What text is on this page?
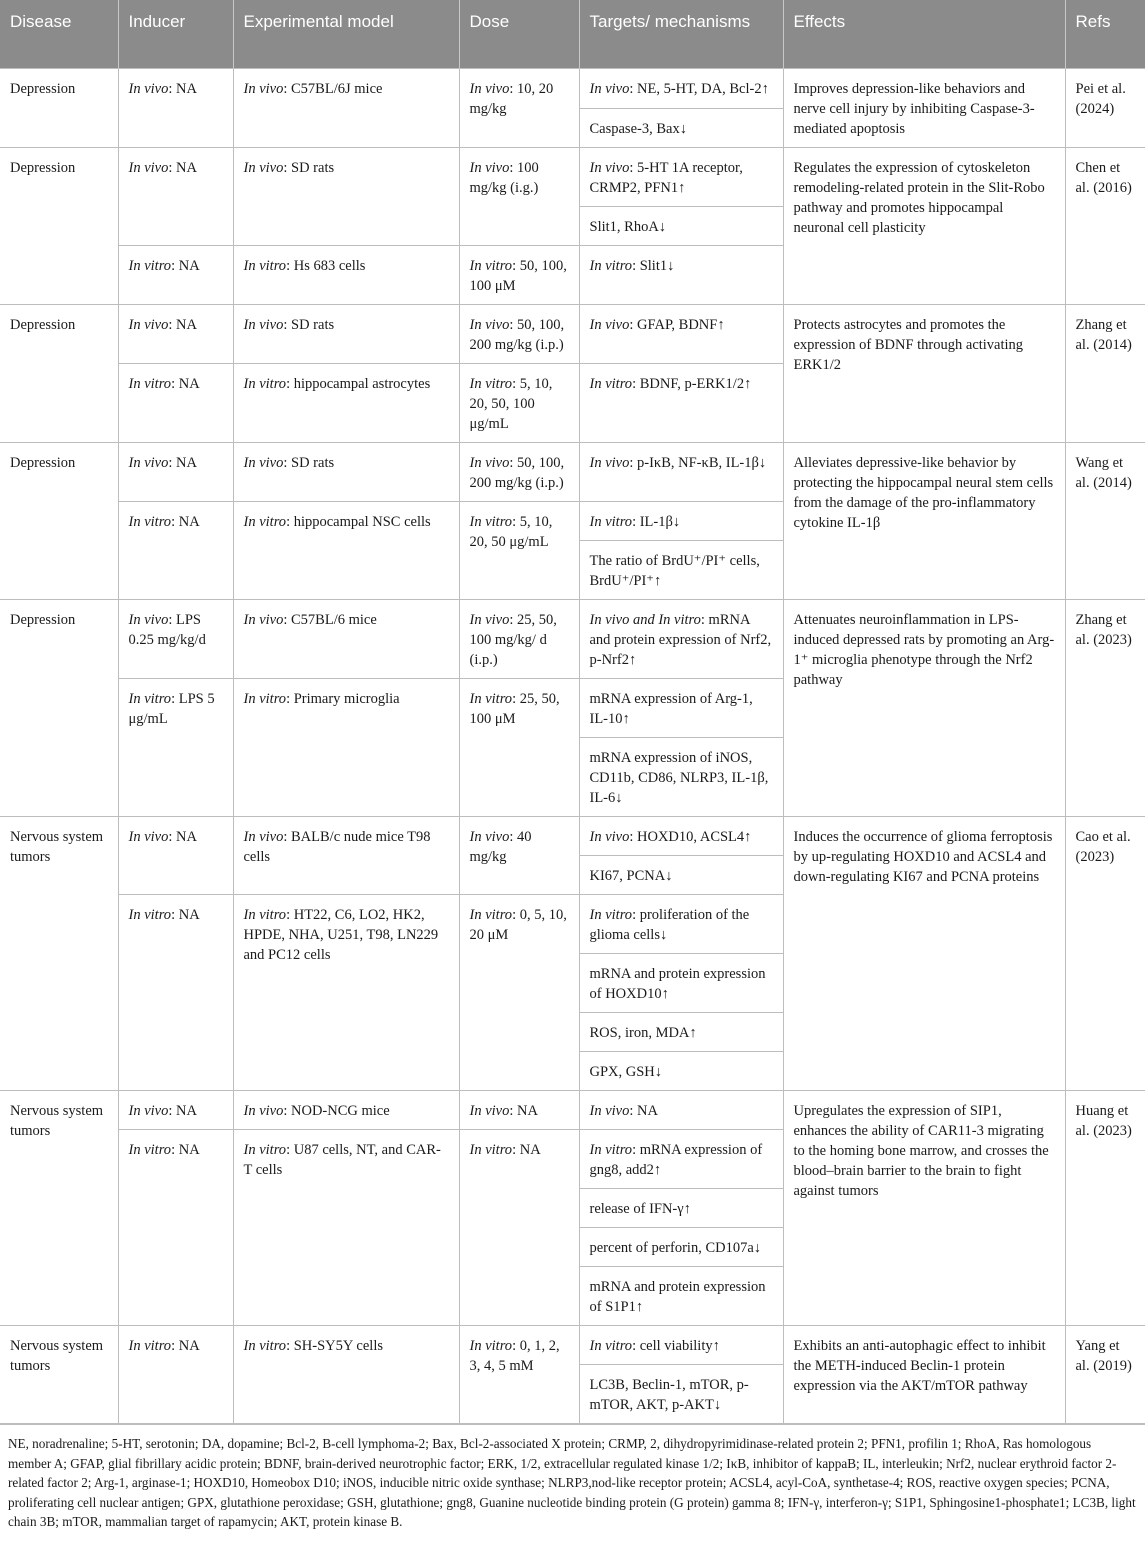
Disease	Inducer	Experimental model	Dose	Targets/ mechanisms	Effects	Refs
Depression	In vivo: NA	In vivo: C57BL/6J mice	In vivo: 10, 20 mg/kg	In vivo: NE, 5-HT, DA, Bcl-2↑	Improves depression-like behaviors and nerve cell injury by inhibiting Caspase-3-mediated apoptosis	Pei et al. (2024)
				Caspase-3, Bax↓		
Depression	In vivo: NA	In vivo: SD rats	In vivo: 100 mg/kg (i.g.)	In vivo: 5-HT 1A receptor, CRMP2, PFN1↑	Regulates the expression of cytoskeleton remodeling-related protein in the Slit-Robo pathway and promotes hippocampal neuronal cell plasticity	Chen et al. (2016)
				Slit1, RhoA↓		
	In vitro: NA	In vitro: Hs 683 cells	In vitro: 50, 100, 100 μM	In vitro: Slit1↓		
Depression	In vivo: NA	In vivo: SD rats	In vivo: 50, 100, 200 mg/kg (i.p.)	In vivo: GFAP, BDNF↑	Protects astrocytes and promotes the expression of BDNF through activating ERK1/2	Zhang et al. (2014)
	In vitro: NA	In vitro: hippocampal astrocytes	In vitro: 5, 10, 20, 50, 100 μg/mL	In vitro: BDNF, p-ERK1/2↑		
Depression	In vivo: NA	In vivo: SD rats	In vivo: 50, 100, 200 mg/kg (i.p.)	In vivo: p-IκB, NF-κB, IL-1β↓	Alleviates depressive-like behavior by protecting the hippocampal neural stem cells from the damage of the pro-inflammatory cytokine IL-1β	Wang et al. (2014)
	In vitro: NA	In vitro: hippocampal NSC cells	In vitro: 5, 10, 20, 50 μg/mL	In vitro: IL-1β↓		
				The ratio of BrdU⁺/PI⁺ cells, BrdU⁺/PI⁺↑		
Depression	In vivo: LPS 0.25 mg/kg/d	In vivo: C57BL/6 mice	In vivo: 25, 50, 100 mg/kg/ d (i.p.)	In vivo and In vitro: mRNA and protein expression of Nrf2, p-Nrf2↑	Attenuates neuroinflammation in LPS-induced depressed rats by promoting an Arg-1⁺ microglia phenotype through the Nrf2 pathway	Zhang et al. (2023)
	In vitro: LPS 5 μg/mL	In vitro: Primary microglia	In vitro: 25, 50, 100 μM	mRNA expression of Arg-1, IL-10↑		
				mRNA expression of iNOS, CD11b, CD86, NLRP3, IL-1β, IL-6↓		
Nervous system tumors	In vivo: NA	In vivo: BALB/c nude mice T98 cells	In vivo: 40 mg/kg	In vivo: HOXD10, ACSL4↑	Induces the occurrence of glioma ferroptosis by up-regulating HOXD10 and ACSL4 and down-regulating KI67 and PCNA proteins	Cao et al. (2023)
				KI67, PCNA↓		
	In vitro: NA	In vitro: HT22, C6, LO2, HK2, HPDE, NHA, U251, T98, LN229 and PC12 cells	In vitro: 0, 5, 10, 20 μM	In vitro: proliferation of the glioma cells↓		
				mRNA and protein expression of HOXD10↑		
				ROS, iron, MDA↑		
				GPX, GSH↓		
Nervous system tumors	In vivo: NA	In vivo: NOD-NCG mice	In vivo: NA	In vivo: NA	Upregulates the expression of SIP1, enhances the ability of CAR11-3 migrating to the homing bone marrow, and crosses the blood–brain barrier to the brain to fight against tumors	Huang et al. (2023)
	In vitro: NA	In vitro: U87 cells, NT, and CAR-T cells	In vitro: NA	In vitro: mRNA expression of gng8, add2↑		
				release of IFN-γ↑		
				percent of perforin, CD107a↓		
				mRNA and protein expression of S1P1↑		
Nervous system tumors	In vitro: NA	In vitro: SH-SY5Y cells	In vitro: 0, 1, 2, 3, 4, 5 mM	In vitro: cell viability↑	Exhibits an anti-autophagic effect to inhibit the METH-induced Beclin-1 protein expression via the AKT/mTOR pathway	Yang et al. (2019)
				LC3B, Beclin-1, mTOR, p-mTOR, AKT, p-AKT↓		
NE, noradrenaline; 5-HT, serotonin; DA, dopamine; Bcl-2, B-cell lymphoma-2; Bax, Bcl-2-associated X protein; CRMP, 2, dihydropyrimidinase-related protein 2; PFN1, profilin 1; RhoA, Ras homologous member A; GFAP, glial fibrillary acidic protein; BDNF, brain-derived neurotrophic factor; ERK, 1/2, extracellular regulated kinase 1/2; IκB, inhibitor of kappaB; IL, interleukin; Nrf2, nuclear erythroid factor 2-related factor 2; Arg-1, arginase-1; HOXD10, Homeobox D10; iNOS, inducible nitric oxide synthase; NLRP3,nod-like receptor protein; ACSL4, acyl-CoA, synthetase-4; ROS, reactive oxygen species; PCNA, proliferating cell nuclear antigen; GPX, glutathione peroxidase; GSH, glutathione; gng8, Guanine nucleotide binding protein (G protein) gamma 8; IFN-γ, interferon-γ; S1P1, Sphingosine1-phosphate1; LC3B, light chain 3B; mTOR, mammalian target of rapamycin; AKT, protein kinase B.
